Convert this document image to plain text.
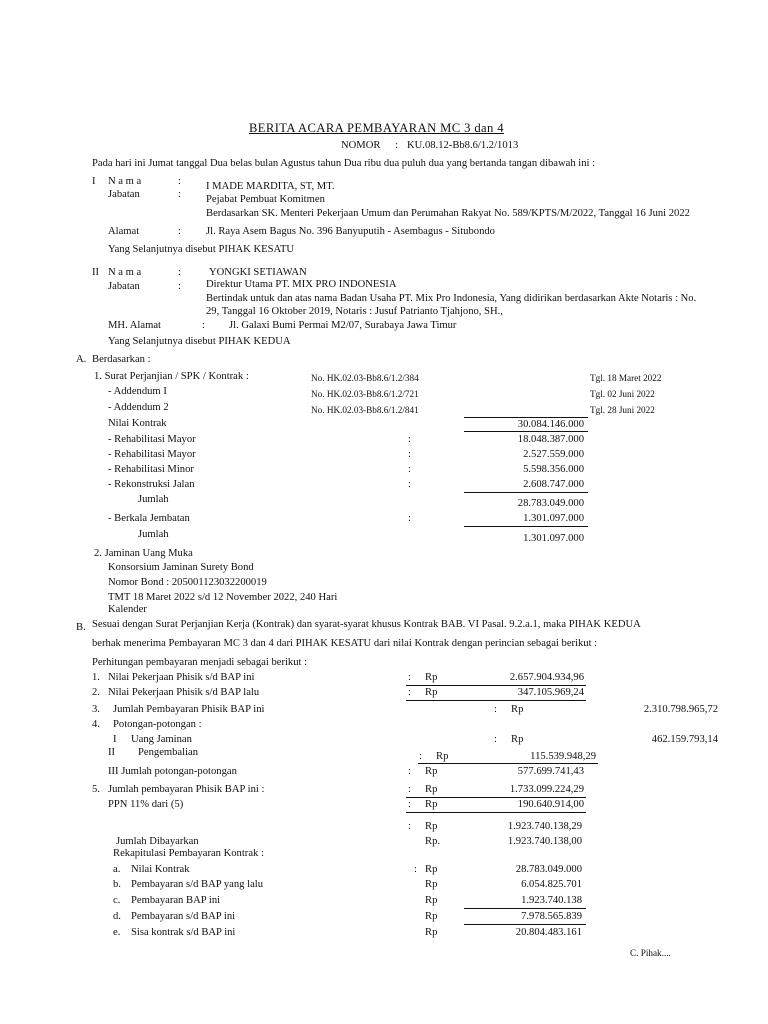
BERITA ACARA PEMBAYARAN MC 3 dan 4
NOMOR : KU.08.12-Bb8.6/1.2/1013
Pada hari ini Jumat tanggal Dua belas bulan Agustus tahun Dua ribu dua puluh dua yang bertanda tangan dibawah ini :
I N a m a	: I MADE MARDITA, ST, MT.
Jabatan	: Pejabat Pembuat Komitmen
Berdasarkan SK. Menteri Pekerjaan Umum dan Perumahan Rakyat No. 589/KPTS/M/2022, Tanggal 16 Juni 2022
Alamat	: Jl. Raya Asem Bagus No. 396 Banyuputih - Asembagus - Situbondo
Yang Selanjutnya disebut PIHAK KESATU
II N a m a	:	YONGKI SETIAWAN
Jabatan	: Direktur Utama PT. MIX PRO INDONESIA
Bertindak untuk dan atas nama Badan Usaha PT. Mix Pro Indonesia, Yang didirikan berdasarkan Akte Notaris : No.
29, Tanggal 16 Oktober 2019, Notaris : Jusuf Patrianto Tjahjono, SH.,
MH. Alamat	: Jl. Galaxi Bumi Permai M2/07, Surabaya Jawa Timur
Yang Selanjutnya disebut PIHAK KEDUA
A. Berdasarkan :
1. Surat Perjanjian / SPK / Kontrak :	No. HK.02.03-Bb8.6/1.2/384	Tgl. 18 Maret 2022
- Addendum I	No. HK.02.03-Bb8.6/1.2/721	Tgl. 02 Juni 2022
- Addendum 2	No. HK.02.03-Bb8.6/1.2/841	Tgl. 28 Juni 2022
Nilai Kontrak	30.084.146.000
- Rehabilitasi Mayor	:	18.048.387.000
- Rehabilitasi Mayor	:	2.527.559.000
- Rehabilitasi Minor	:	5.598.356.000
- Rekonstruksi Jalan	:	2.608.747.000
Jumlah	28.783.049.000
- Berkala Jembatan	:	1.301.097.000
Jumlah	1.301.097.000
2. Jaminan Uang Muka
Konsorsium Jaminan Surety Bond
Nomor Bond : 205001123032200019
TMT 18 Maret 2022 s/d 12 November 2022, 240 Hari
Kalender
B. Sesuai dengan Surat Perjanjian Kerja (Kontrak) dan syarat-syarat khusus Kontrak BAB. VI Pasal. 9.2.a.1, maka PIHAK KEDUA
berhak menerima Pembayaran MC 3 dan 4 dari PIHAK KESATU dari nilai Kontrak dengan perincian sebagai berikut :
Perhitungan pembayaran menjadi sebagai berikut :
1. Nilai Pekerjaan Phisik s/d BAP ini	: Rp	2.657.904.934,96
2. Nilai Pekerjaan Phisik s/d BAP lalu	: Rp	347.105.969,24
3. Jumlah Pembayaran Phisik BAP ini	: Rp	2.310.798.965,72
4. Potongan-potongan :
I Uang Jaminan	: Rp	462.159.793,14
II Pengembalian	: Rp	115.539.948,29
III Jumlah potongan-potongan	: Rp	577.699.741,43
5. Jumlah pembayaran Phisik BAP ini :	: Rp	1.733.099.224,29
PPN 11% dari (5)	: Rp	190.640.914,00
: Rp	1.923.740.138,29
Jumlah Dibayarkan	Rp.	1.923.740.138,00
Rekapitulasi Pembayaran Kontrak :
a. Nilai Kontrak	: Rp	28.783.049.000
b. Pembayaran s/d BAP yang lalu	Rp	6.054.825.701
c. Pembayaran BAP ini	Rp	1.923.740.138
d. Pembayaran s/d BAP ini	Rp	7.978.565.839
e. Sisa kontrak s/d BAP ini	Rp	20.804.483.161
C. Pihak....
